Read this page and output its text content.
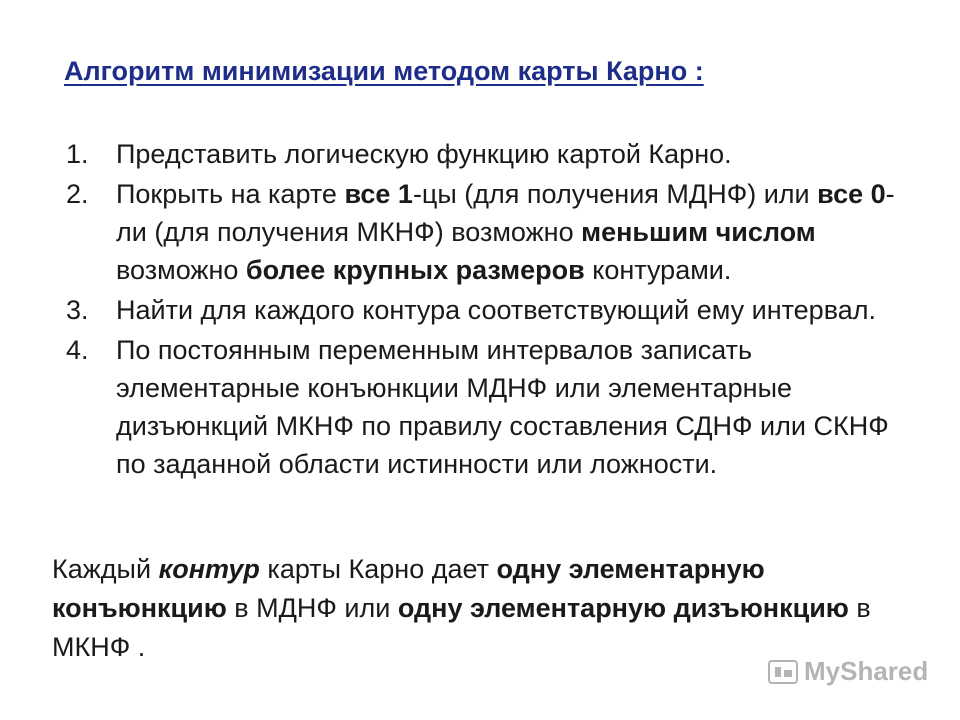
Алгоритм минимизации методом карты Карно :
1.	Представить логическую функцию картой Карно.
2.	Покрыть на карте все 1-цы (для получения МДНФ) или все 0-ли (для получения МКНФ) возможно меньшим числом возможно более крупных размеров контурами.
3.	Найти для каждого контура соответствующий ему интервал.
4.	По постоянным переменным интервалов записать элементарные конъюнкции МДНФ или элементарные дизъюнкций МКНФ по правилу составления СДНФ или СКНФ по заданной области истинности или ложности.
Каждый контур карты Карно дает одну элементарную конъюнкцию в МДНФ или одну элементарную дизъюнкцию в МКНФ .
MyShared
